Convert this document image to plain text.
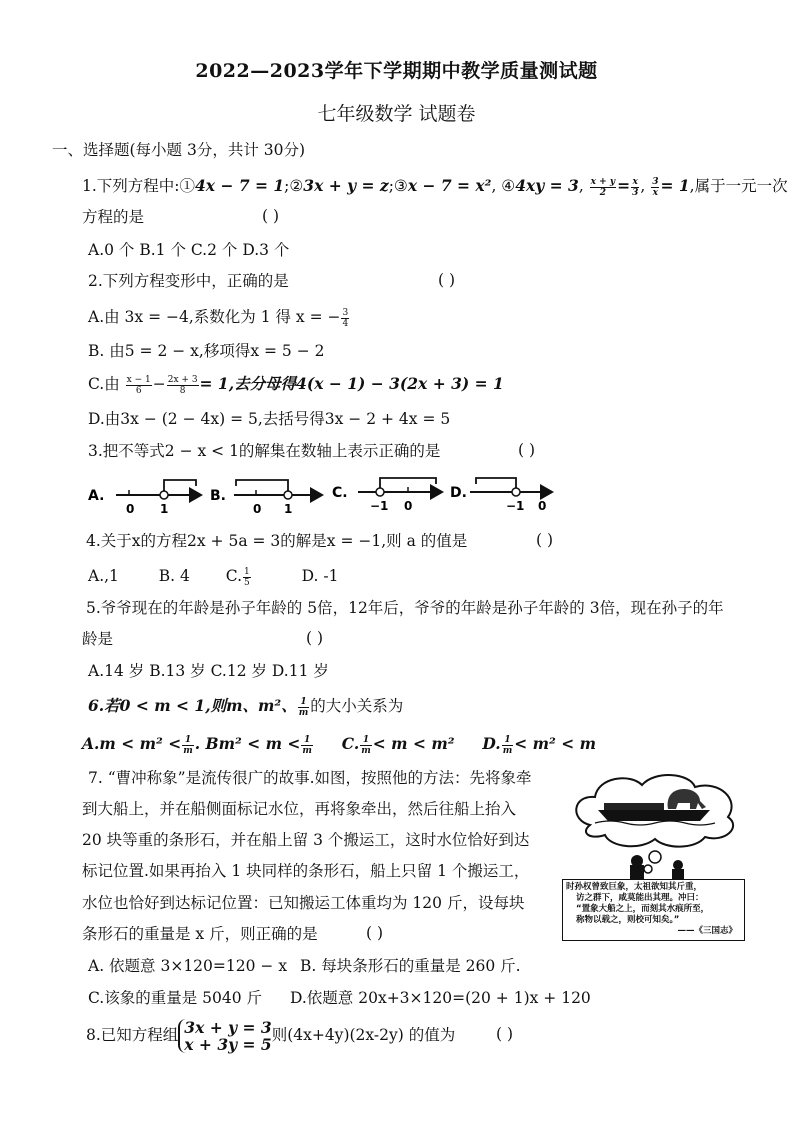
2022—2023学年下学期期中教学质量测试题
七年级数学 试题卷
一、选择题(每小题 3分，共计 30分)
1.下列方程中:①4x − 7 = 1;②3x + y = z;③x − 7 = x², ④4xy = 3, $\frac{x + y}{2} = \frac{x}{3}$ , $\frac{3}{x} = 1$,属于一元一次
方程的是	( )
A.0 个 B.1 个 C.2 个 D.3 个
2.下列方程变形中，正确的是	( )
A.由 3x = −4,系数化为 1 得 x = − $\frac{3}{4}$
B. 由5 = 2 − x,移项得x = 5 − 2
C.由 $\frac{x - 1}{6} - \frac{2x + 3}{8} = 1$,去分母得4(x − 1) − 3(2x + 3) = 1
D.由3x − (2 − 4x) = 5,去括号得3x − 2 + 4x = 5
3.把不等式2 − x < 1的解集在数轴上表示正确的是	( )
A.
0 1
B.
0 1
C.
−1 0
D.
−1 0
4.关于x的方程2x + 5a = 3的解是x = −1,则 a 的值是	( )
A.,1	B. 4 C. $\frac{1}{5}$	D. -1
5.爷爷现在的年龄是孙子年龄的 5倍，12年后，爷爷的年龄是孙子年龄的 3倍，现在孙子的年
龄是	( )
A.14 岁 B.13 岁 C.12 岁 D.11 岁
6.若0 < m < 1,则m、m²、 $\frac{1}{m}$ 的大小关系为
$A.m < m^2 < \frac{1}{m}$ . $Bm^2 < m < \frac{1}{m} C$. $\frac{1}{m} < m < m^2$ D. $\frac{1}{m} < m^2 < m$
7. “曹冲称象”是流传很广的故事.如图，按照他的方法：先将象牵
到大船上，并在船侧面标记水位，再将象牵出，然后往船上抬入
20 块等重的条形石，并在船上留 3 个搬运工，这时水位恰好到达
标记位置.如果再抬入 1 块同样的条形石，船上只留 1 个搬运工，
水位也恰好到达标记位置：已知搬运工体重均为 120 斤，设每块
条形石的重量是 x 斤，则正确的是	( )
时孙权曾致巨象，太祖欲知其斤重，
访之群下，咸莫能出其理。冲曰：
“置象大船之上，而刻其水痕所至，
称物以载之，则校可知矣。”
——《三国志》
A. 依题意 3×120=120 − x B. 每块条形石的重量是 260 斤.
C.该象的重量是 5040 斤 D.依题意 20x+3×120=(20 + 1)x + 120
8.已知方程组 3x + y = 3
x + 3y = 5 则(4x+4y)(2x-2y) 的值为	( )
